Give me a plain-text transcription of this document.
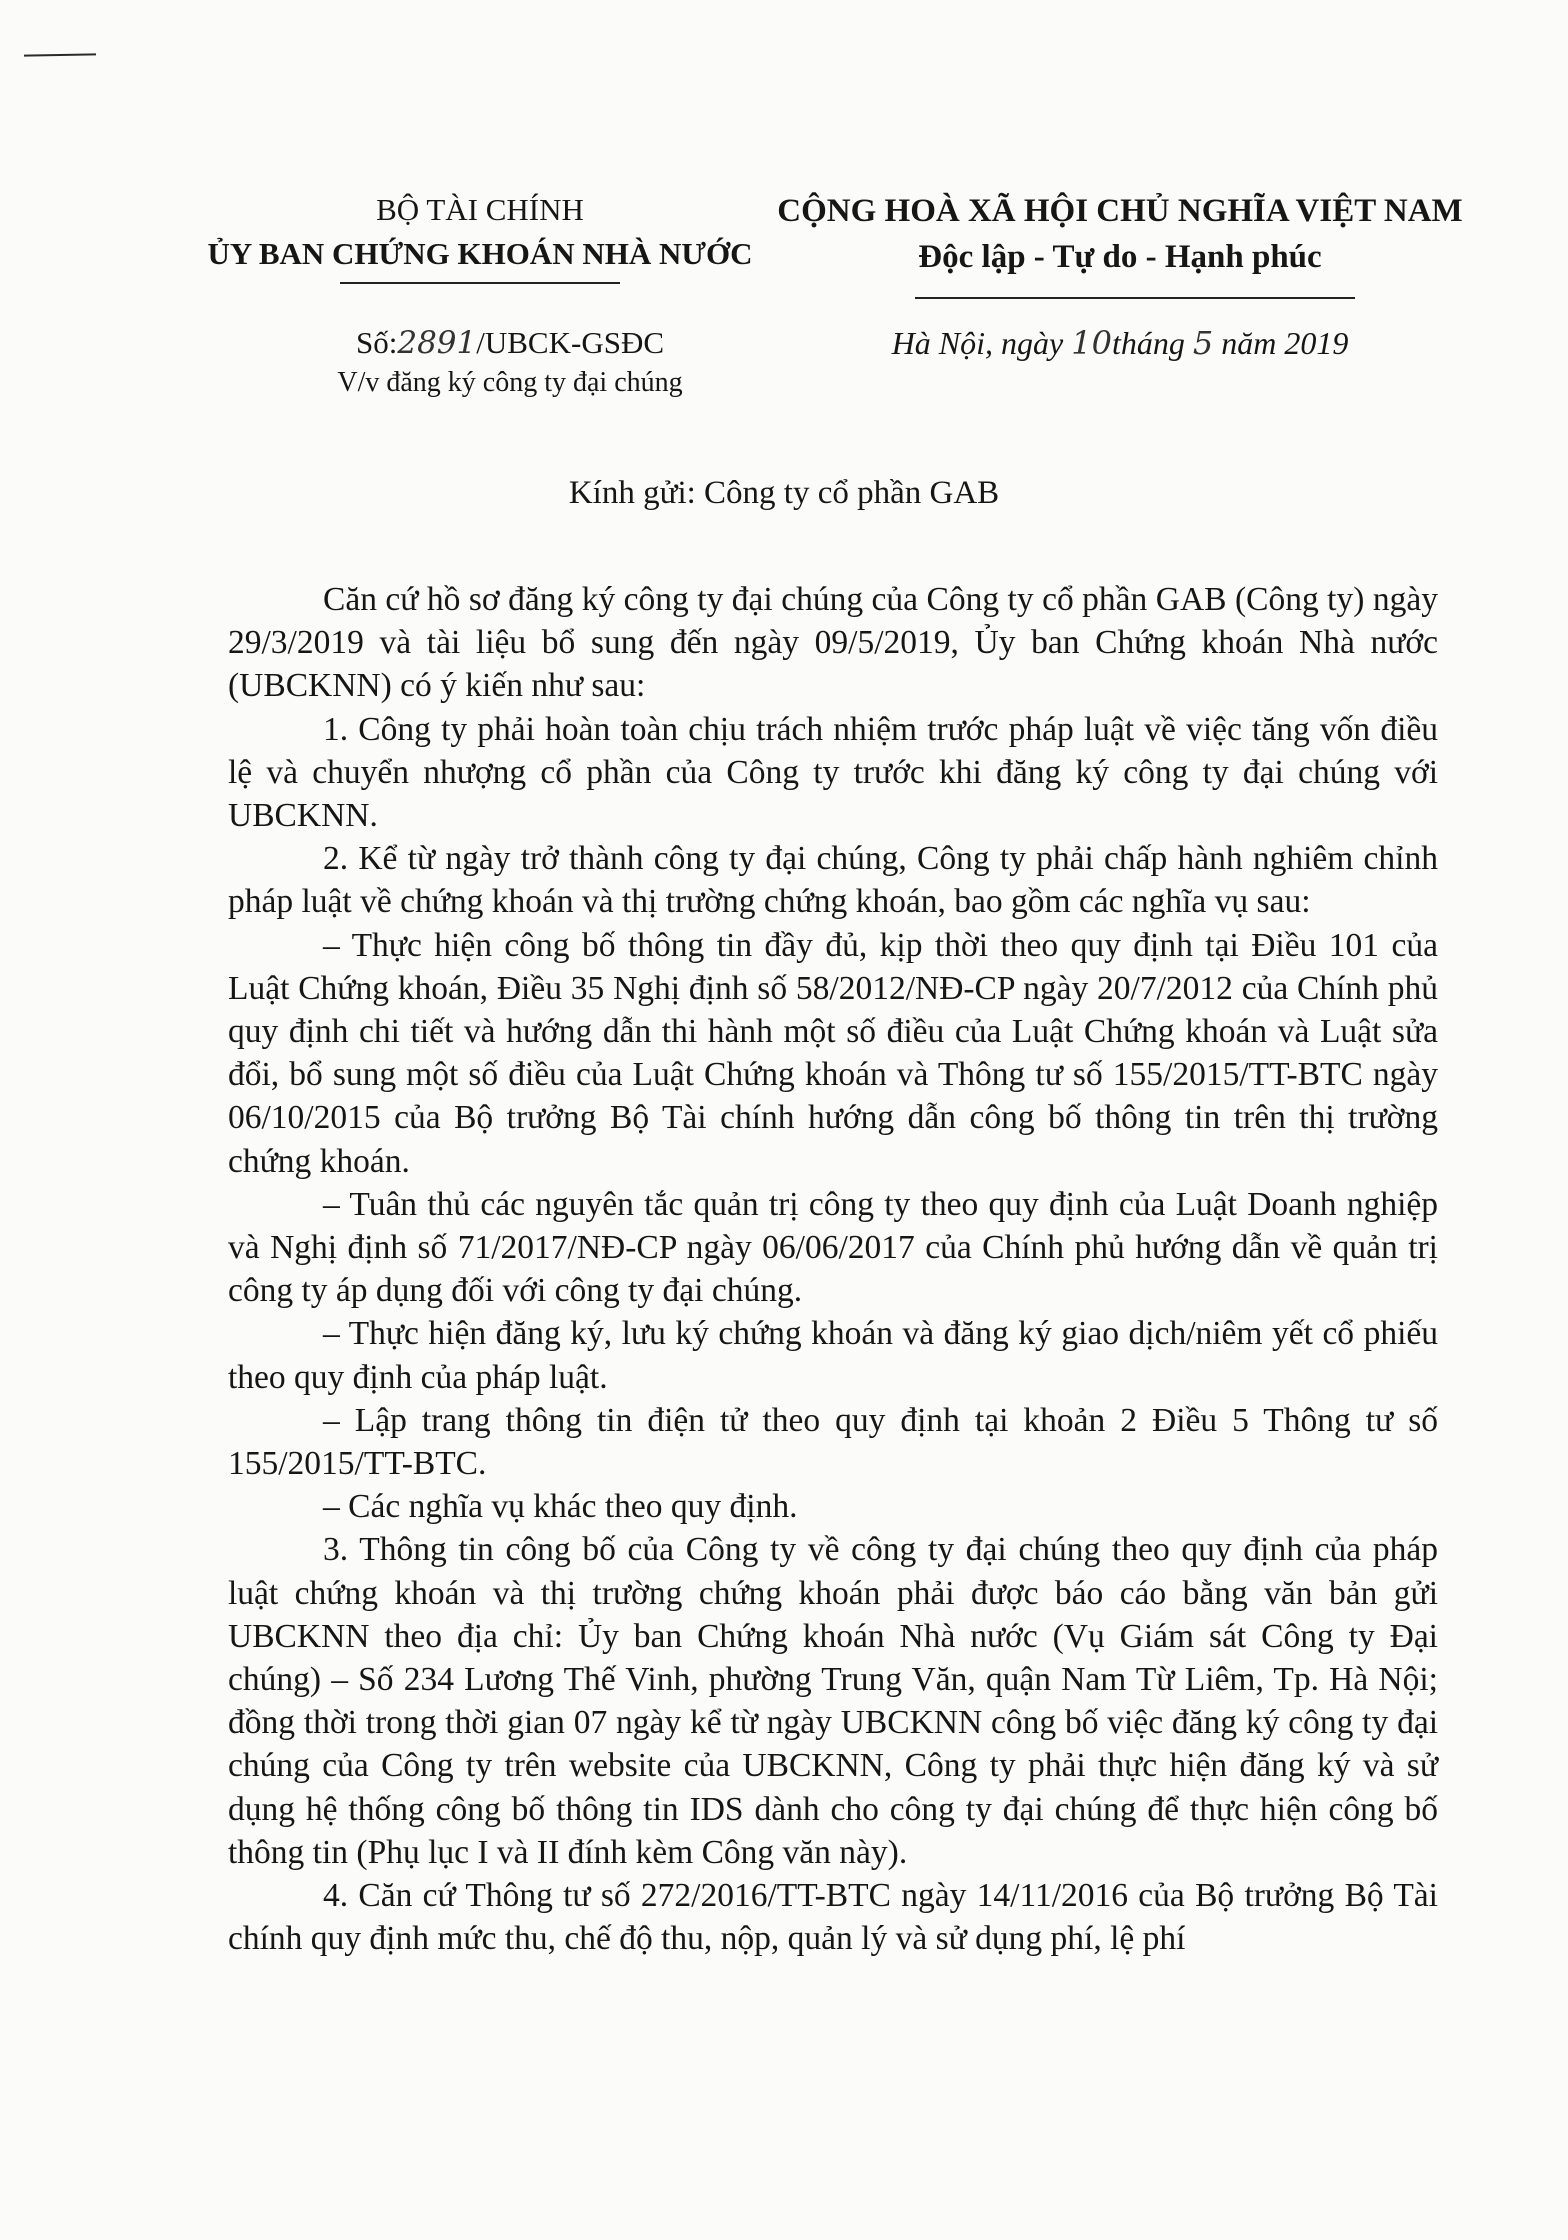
BỘ TÀI CHÍNH
ỦY BAN CHỨNG KHOÁN NHÀ NƯỚC
CỘNG HOÀ XÃ HỘI CHỦ NGHĨA VIỆT NAM
Độc lập - Tự do - Hạnh phúc
Số:2891/UBCK-GSĐC
V/v đăng ký công ty đại chúng
Hà Nội, ngày 10tháng 5 năm 2019
Kính gửi: Công ty cổ phần GAB

Căn cứ hồ sơ đăng ký công ty đại chúng của Công ty cổ phần GAB (Công ty) ngày 29/3/2019 và tài liệu bổ sung đến ngày 09/5/2019, Ủy ban Chứng khoán Nhà nước (UBCKNN) có ý kiến như sau:

1. Công ty phải hoàn toàn chịu trách nhiệm trước pháp luật về việc tăng vốn điều lệ và chuyển nhượng cổ phần của Công ty trước khi đăng ký công ty đại chúng với UBCKNN.

2. Kể từ ngày trở thành công ty đại chúng, Công ty phải chấp hành nghiêm chỉnh pháp luật về chứng khoán và thị trường chứng khoán, bao gồm các nghĩa vụ sau:

– Thực hiện công bố thông tin đầy đủ, kịp thời theo quy định tại Điều 101 của Luật Chứng khoán, Điều 35 Nghị định số 58/2012/NĐ-CP ngày 20/7/2012 của Chính phủ quy định chi tiết và hướng dẫn thi hành một số điều của Luật Chứng khoán và Luật sửa đổi, bổ sung một số điều của Luật Chứng khoán và Thông tư số 155/2015/TT-BTC ngày 06/10/2015 của Bộ trưởng Bộ Tài chính hướng dẫn công bố thông tin trên thị trường chứng khoán.

– Tuân thủ các nguyên tắc quản trị công ty theo quy định của Luật Doanh nghiệp và Nghị định số 71/2017/NĐ-CP ngày 06/06/2017 của Chính phủ hướng dẫn về quản trị công ty áp dụng đối với công ty đại chúng.

– Thực hiện đăng ký, lưu ký chứng khoán và đăng ký giao dịch/niêm yết cổ phiếu theo quy định của pháp luật.

– Lập trang thông tin điện tử theo quy định tại khoản 2 Điều 5 Thông tư số 155/2015/TT-BTC.

– Các nghĩa vụ khác theo quy định.

3. Thông tin công bố của Công ty về công ty đại chúng theo quy định của pháp luật chứng khoán và thị trường chứng khoán phải được báo cáo bằng văn bản gửi UBCKNN theo địa chỉ: Ủy ban Chứng khoán Nhà nước (Vụ Giám sát Công ty Đại chúng) – Số 234 Lương Thế Vinh, phường Trung Văn, quận Nam Từ Liêm, Tp. Hà Nội; đồng thời trong thời gian 07 ngày kể từ ngày UBCKNN công bố việc đăng ký công ty đại chúng của Công ty trên website của UBCKNN, Công ty phải thực hiện đăng ký và sử dụng hệ thống công bố thông tin IDS dành cho công ty đại chúng để thực hiện công bố thông tin (Phụ lục I và II đính kèm Công văn này).

4. Căn cứ Thông tư số 272/2016/TT-BTC ngày 14/11/2016 của Bộ trưởng Bộ Tài chính quy định mức thu, chế độ thu, nộp, quản lý và sử dụng phí, lệ phí
